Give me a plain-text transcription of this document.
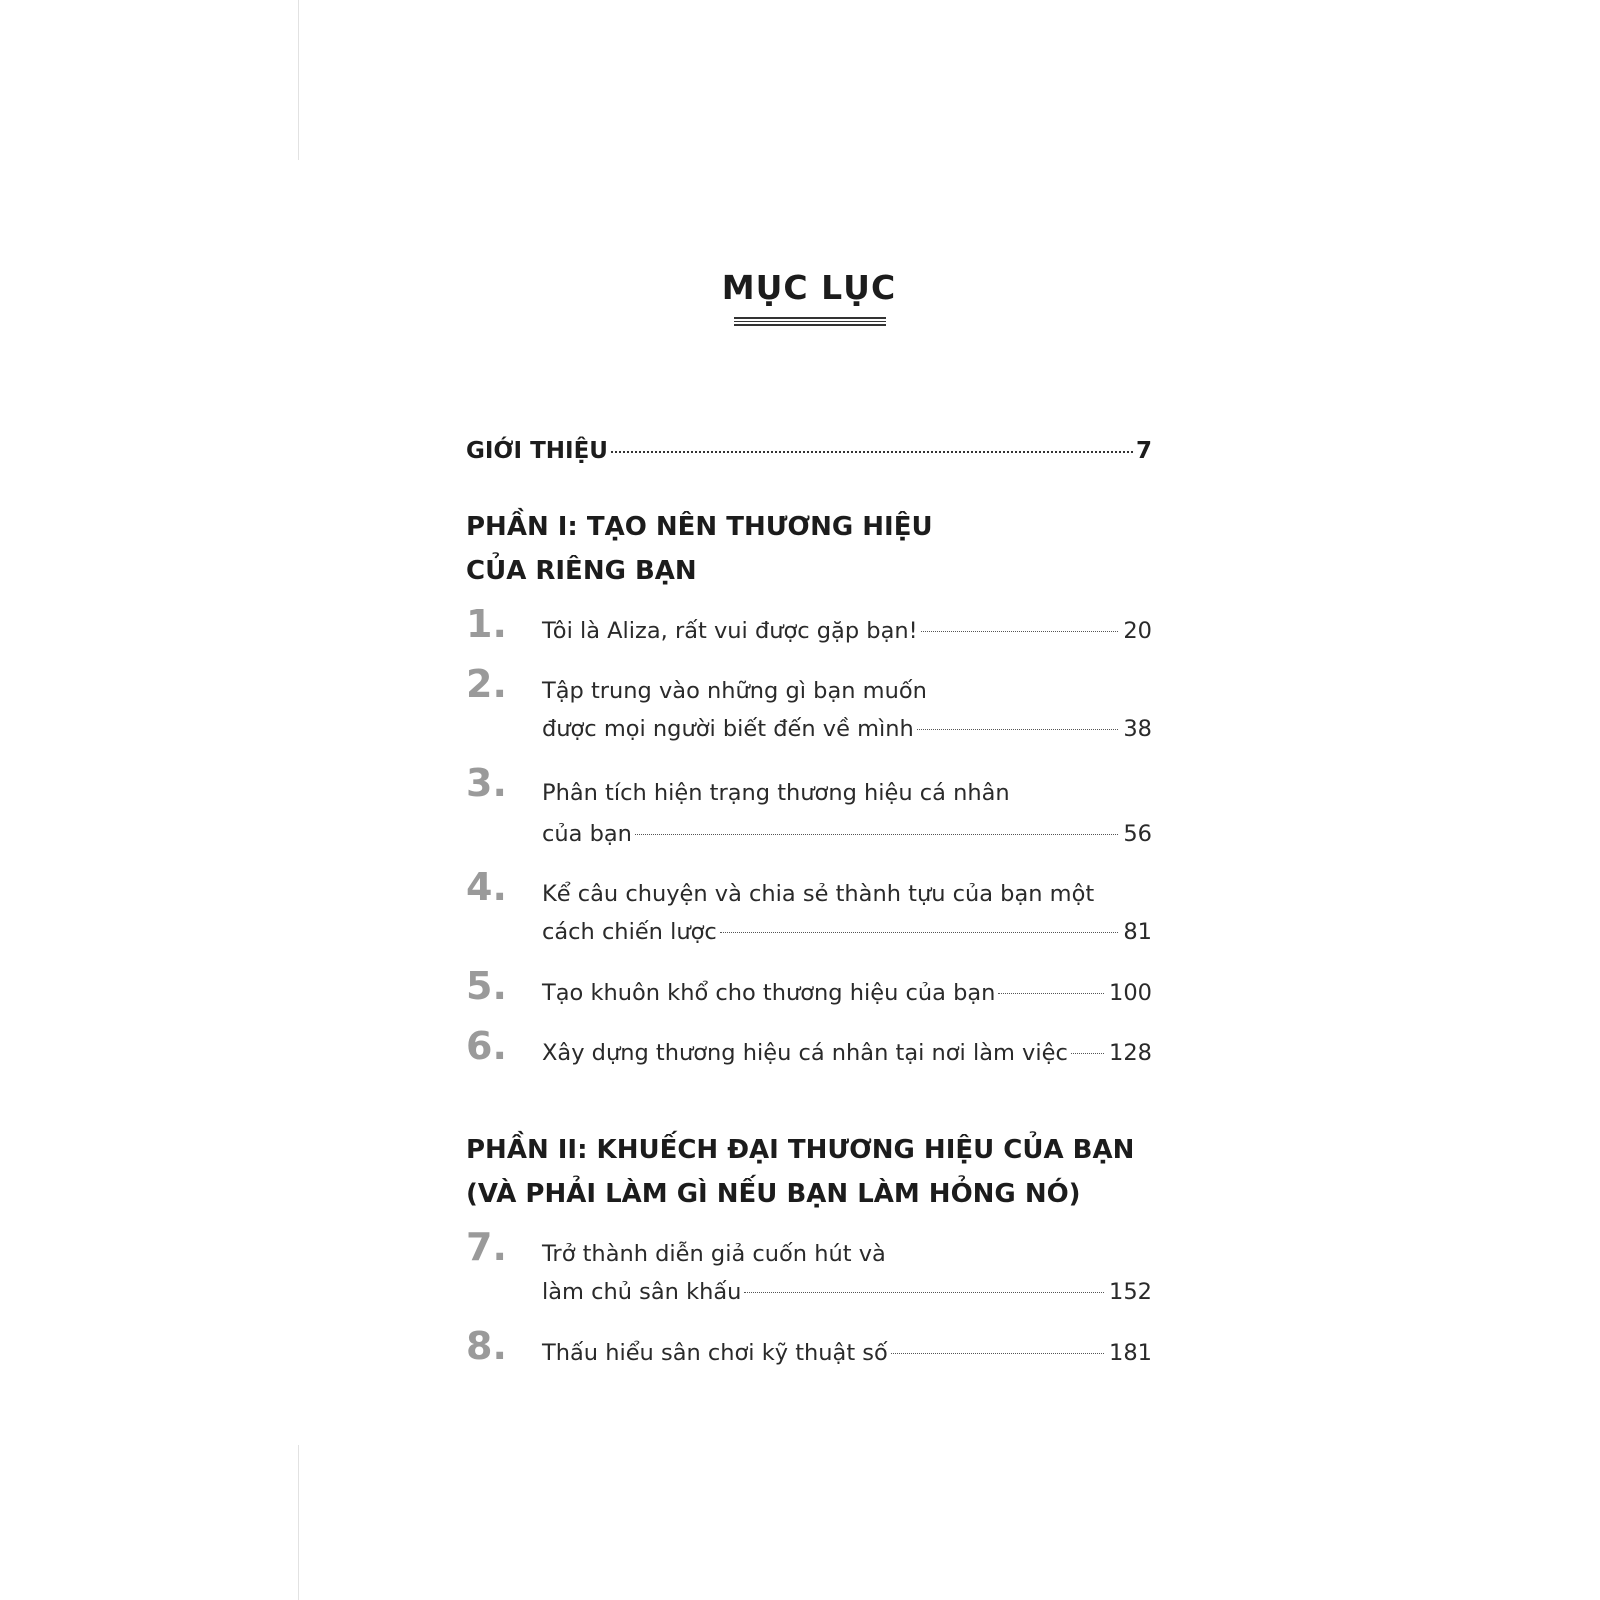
MỤC LỤC
GIỚI THIỆU	7
PHẦN I: TẠO NÊN THƯƠNG HIỆU
CỦA RIÊNG BẠN
1. Tôi là Aliza, rất vui được gặp bạn!	20
2. Tập trung vào những gì bạn muốn
được mọi người biết đến về mình	38
3. Phân tích hiện trạng thương hiệu cá nhân
của bạn	56
4. Kể câu chuyện và chia sẻ thành tựu của bạn một
cách chiến lược	81
5. Tạo khuôn khổ cho thương hiệu của bạn	100
6. Xây dựng thương hiệu cá nhân tại nơi làm việc 128
PHẦN II: KHUẾCH ĐẠI THƯƠNG HIỆU CỦA BẠN
(VÀ PHẢI LÀM GÌ NẾU BẠN LÀM HỎNG NÓ)
7. Trở thành diễn giả cuốn hút và
làm chủ sân khấu	152
8. Thấu hiểu sân chơi kỹ thuật số	181
